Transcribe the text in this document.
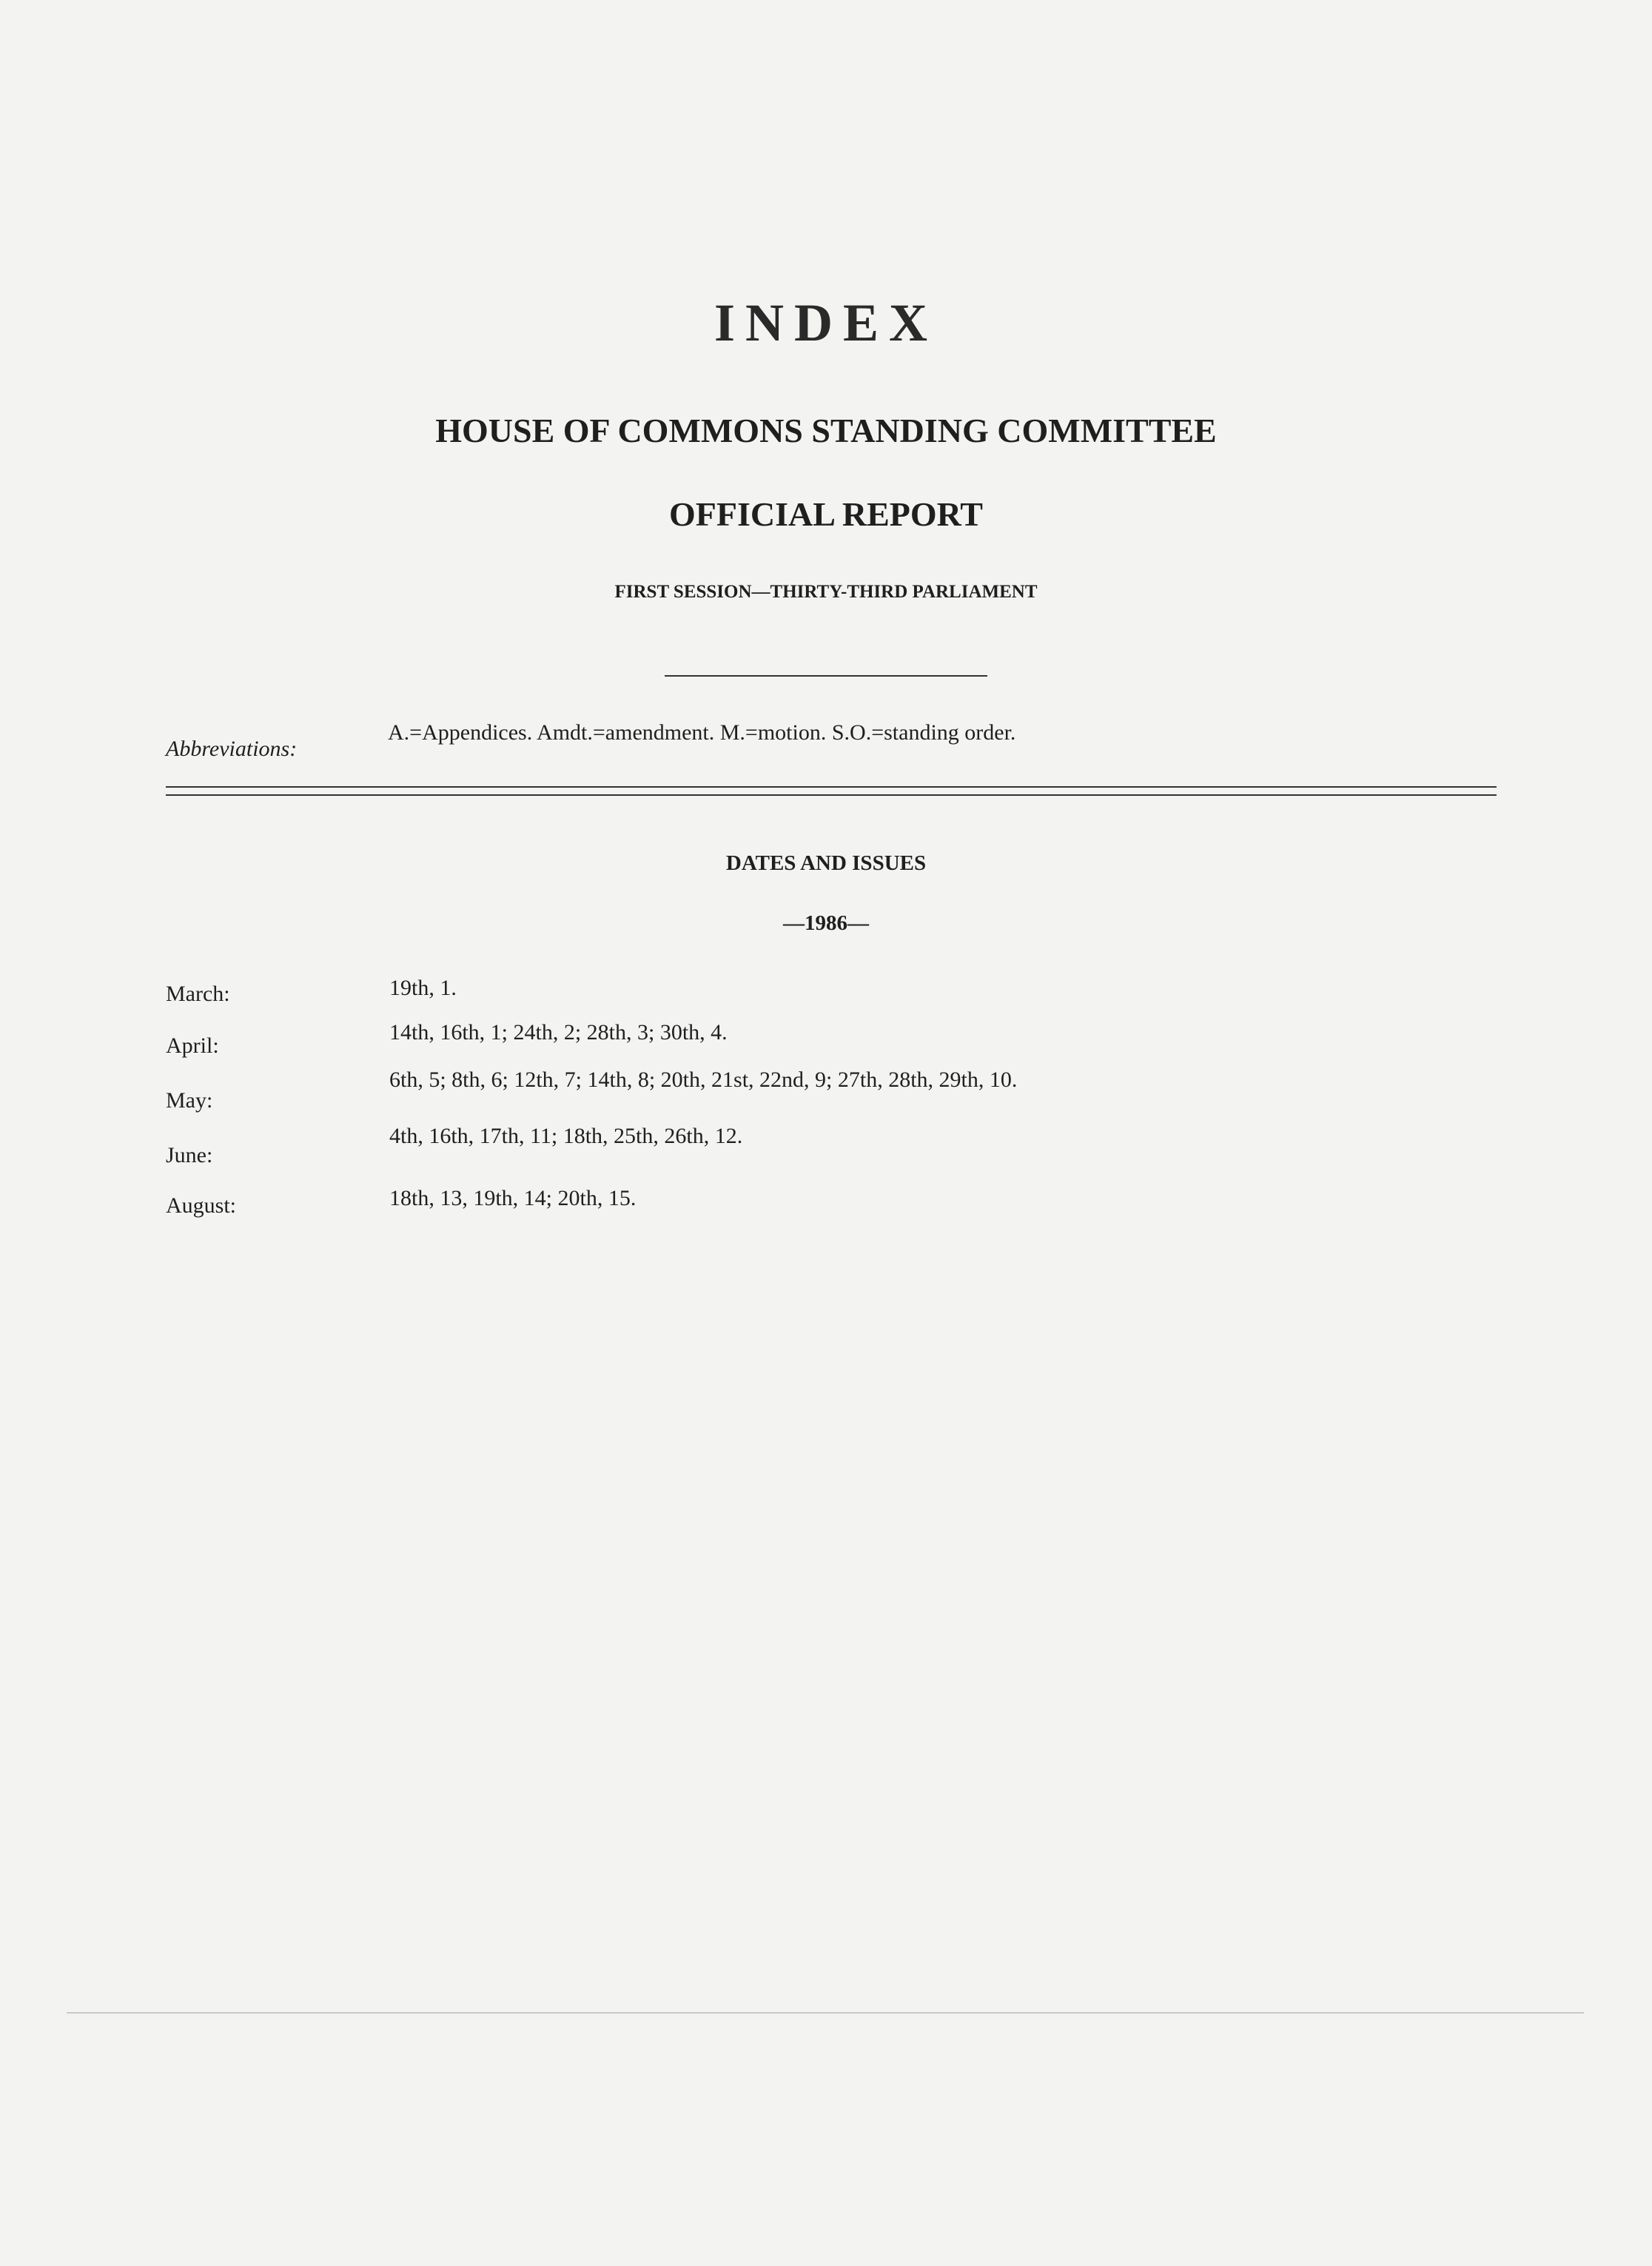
INDEX
HOUSE OF COMMONS STANDING COMMITTEE
OFFICIAL REPORT
FIRST SESSION—THIRTY-THIRD PARLIAMENT
Abbreviations:
A.=Appendices. Amdt.=amendment. M.=motion. S.O.=standing order.
DATES AND ISSUES
—1986—
March:	19th, 1.
April:
14th, 16th, 1; 24th, 2; 28th, 3; 30th, 4.
May:
6th, 5; 8th, 6; 12th, 7; 14th, 8; 20th, 21st, 22nd, 9; 27th, 28th, 29th, 10.
June:
4th, 16th, 17th, 11; 18th, 25th, 26th, 12.
August:	18th, 13, 19th, 14; 20th, 15.
